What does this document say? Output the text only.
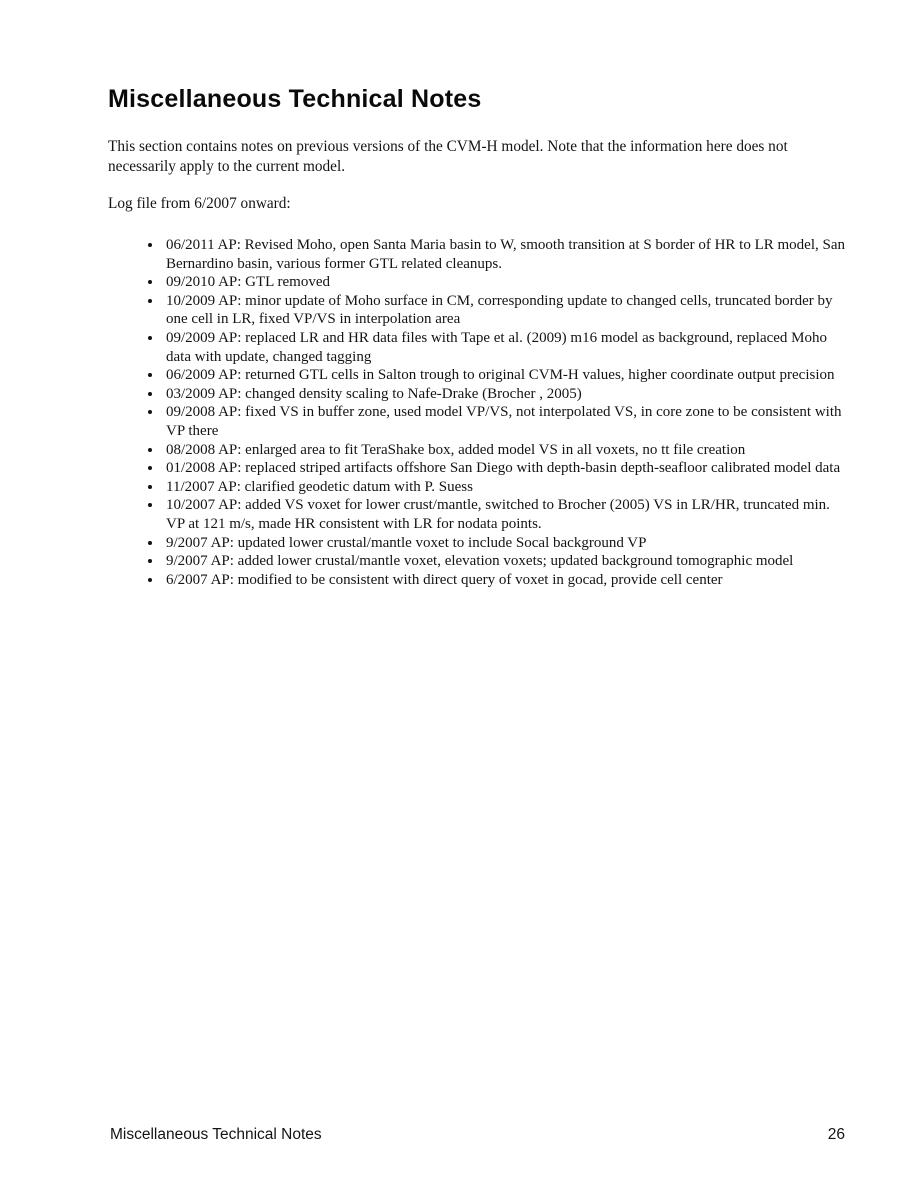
Miscellaneous Technical Notes

This section contains notes on previous versions of the CVM-H model. Note that the information here does not necessarily apply to the current model.

Log file from 6/2007 onward:

• 06/2011 AP: Revised Moho, open Santa Maria basin to W, smooth transition at S border of HR to LR model, San Bernardino basin, various former GTL related cleanups.
• 09/2010 AP: GTL removed
• 10/2009 AP: minor update of Moho surface in CM, corresponding update to changed cells, truncated border by one cell in LR, fixed VP/VS in interpolation area
• 09/2009 AP: replaced LR and HR data files with Tape et al. (2009) m16 model as background, replaced Moho data with update, changed tagging
• 06/2009 AP: returned GTL cells in Salton trough to original CVM-H values, higher coordinate output precision
• 03/2009 AP: changed density scaling to Nafe-Drake (Brocher , 2005)
• 09/2008 AP: fixed VS in buffer zone, used model VP/VS, not interpolated VS, in core zone to be consistent with VP there
• 08/2008 AP: enlarged area to fit TeraShake box, added model VS in all voxets, no tt file creation
• 01/2008 AP: replaced striped artifacts offshore San Diego with depth-basin depth-seafloor calibrated model data
• 11/2007 AP: clarified geodetic datum with P. Suess
• 10/2007 AP: added VS voxet for lower crust/mantle, switched to Brocher (2005) VS in LR/HR, truncated min. VP at 121 m/s, made HR consistent with LR for nodata points.
• 9/2007 AP: updated lower crustal/mantle voxet to include Socal background VP
• 9/2007 AP: added lower crustal/mantle voxet, elevation voxets; updated background tomographic model
• 6/2007 AP: modified to be consistent with direct query of voxet in gocad, provide cell center
Miscellaneous Technical Notes	26
